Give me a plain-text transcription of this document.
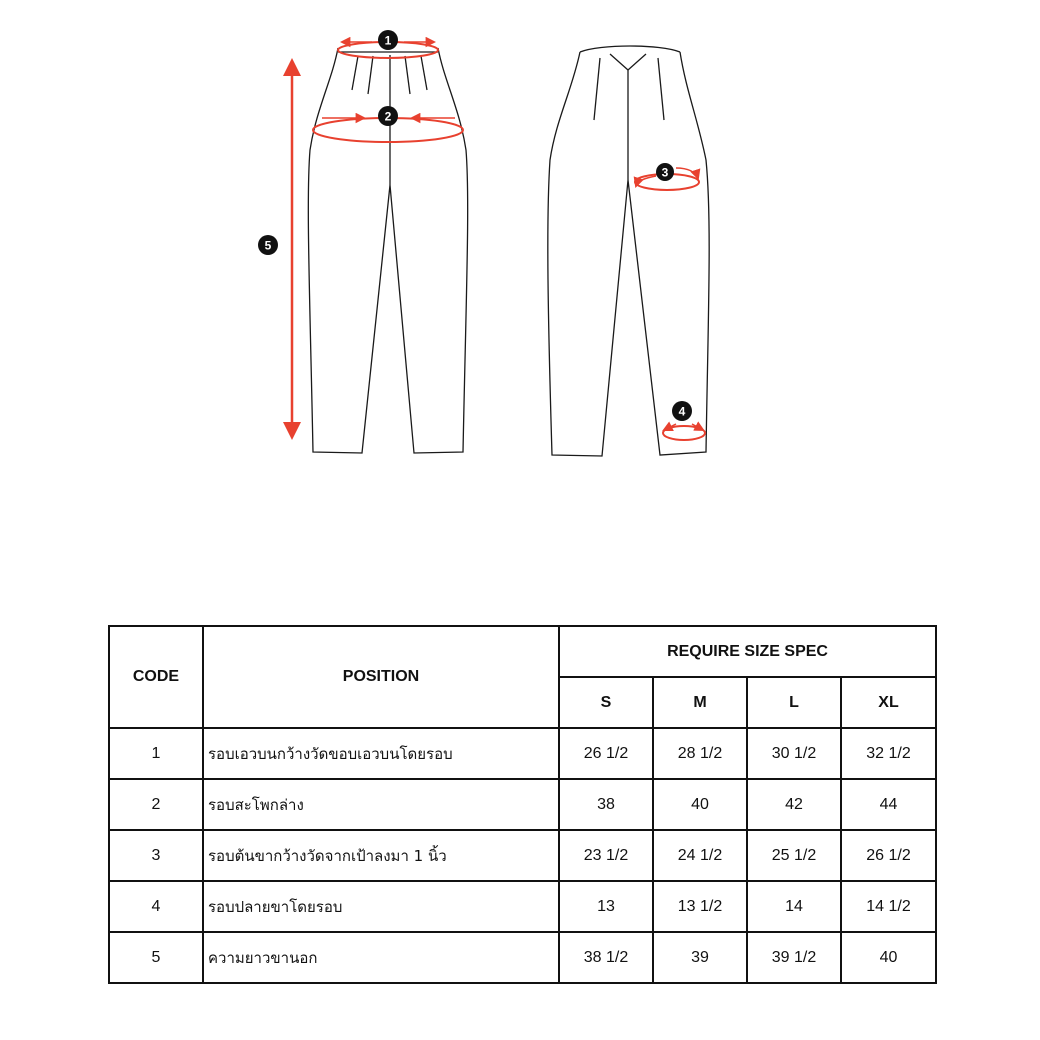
1
2
3
4
5
CODE	POSITION	REQUIRE SIZE SPEC			
		S	M	L	XL
1	รอบเอวบนกว้างวัดขอบเอวบนโดยรอบ	26 1/2	28 1/2	30 1/2	32 1/2
2	รอบสะโพกล่าง	38	40	42	44
3	รอบต้นขากว้างวัดจากเป้าลงมา 1 นิ้ว	23 1/2	24 1/2	25 1/2	26 1/2
4	รอบปลายขาโดยรอบ	13	13 1/2	14	14 1/2
5	ความยาวขานอก	38 1/2	39	39 1/2	40
